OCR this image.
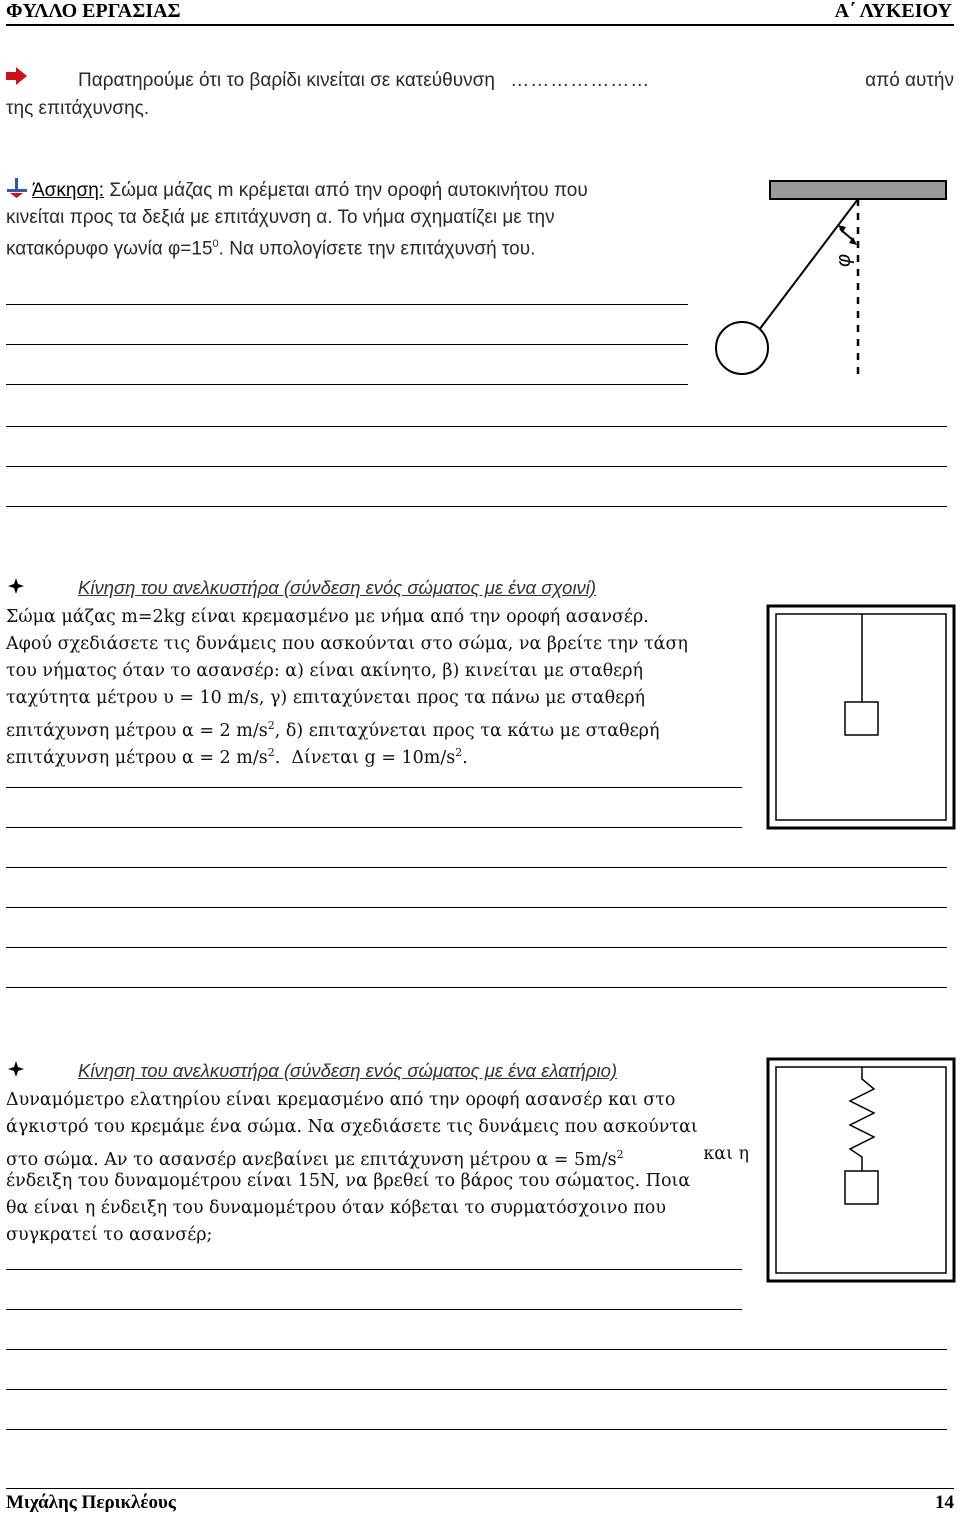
ΦΥΛΛΟ ΕΡΓΑΣΙΑΣ	Α΄ ΛΥΚΕΙΟΥ
Παρατηρούμε ότι το βαρίδι κινείται σε κατεύθυνση …………………	από αυτήν
της επιτάχυνσης.
Άσκηση: Σώμα μάζας m κρέμεται από την οροφή αυτοκινήτου που
κινείται προς τα δεξιά με επιτάχυνση α. Το νήμα σχηματίζει με την
κατακόρυφο γωνία $\varphi=15^0$. Να υπολογίσετε την επιτάχυνσή του.
φ
Κίνηση του ανελκυστήρα (σύνδεση ενός σώματος με ένα σχοινί)
Σώμα μάζας m=2kg είναι κρεμασμένο με νήμα από την οροφή ασανσέρ.
Αφού σχεδιάσετε τις δυνάμεις που ασκούνται στο σώμα, να βρείτε την τάση
του νήματος όταν το ασανσέρ: α) είναι ακίνητο, β) κινείται με σταθερή
ταχύτητα μέτρου υ = 10 m/s, γ) επιταχύνεται προς τα πάνω με σταθερή
επιτάχυνση μέτρου α = 2 $m/s^2$, δ) επιταχύνεται προς τα κάτω με σταθερή
επιτάχυνση μέτρου α = 2 $m/s^2$.  Δίνεται $g = 10m/s^2$.
Κίνηση του ανελκυστήρα (σύνδεση ενός σώματος με ένα ελατήριο)
Δυναμόμετρο ελατηρίου είναι κρεμασμένο από την οροφή ασανσέρ και στο
άγκιστρό του κρεμάμε ένα σώμα. Να σχεδιάσετε τις δυνάμεις που ασκούνται
στο σώμα. Αν το ασανσέρ ανεβαίνει με επιτάχυνση μέτρου $\alpha = 5m/s^2$	και η
ένδειξη του δυναμομέτρου είναι 15N, να βρεθεί το βάρος του σώματος. Ποια
θα είναι η ένδειξη του δυναμομέτρου όταν κόβεται το συρματόσχοινο που
συγκρατεί το ασανσέρ;
Μιχάλης Περικλέους	14
